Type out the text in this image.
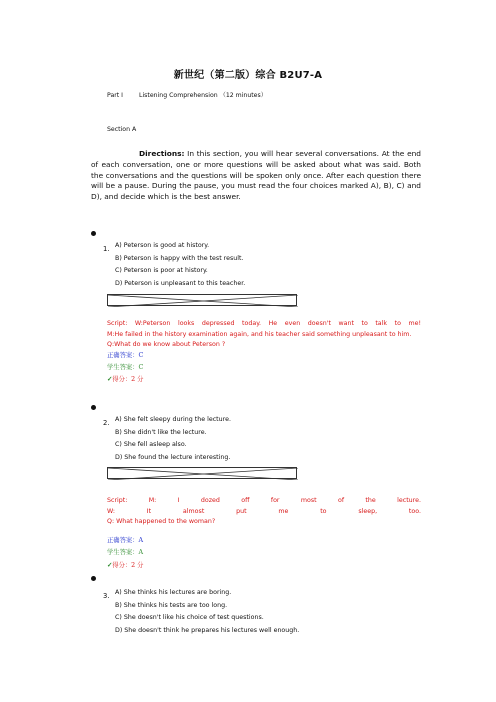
新世纪（第二版）综合 B2U7-A
Part Ⅰ	Listening Comprehension （12 minutes）
Section A
Directions: In this section, you will hear several conversations. At the end of each conversation, one or more questions will be asked about what was said. Both the conversations and the questions will be spoken only once. After each question there will be a pause. During the pause, you must read the four choices marked A), B), C) and D), and decide which is the best answer.
1. A) Peterson is good at history.
B) Peterson is happy with the test result.
C) Peterson is poor at history.
D) Peterson is unpleasant to this teacher.
Script: W:Peterson looks depressed today. He even doesn't want to talk to me!
M:He failed in the history examination again, and his teacher said something unpleasant to him.
Q:What do we know about Peterson ?
正确答案：C
学生答案：C
✓得分：2 分
2. A) She felt sleepy during the lecture.
B) She didn't like the lecture.
C) She fell asleep also.
D) She found the lecture interesting.
Script: M: I dozed off for most of the lecture.
W: It almost put me to sleep, too.
Q: What happened to the woman?
正确答案：A
学生答案：A
✓得分：2 分
3. A) She thinks his lectures are boring.
B) She thinks his tests are too long.
C) She doesn't like his choice of test questions.
D) She doesn't think he prepares his lectures well enough.
